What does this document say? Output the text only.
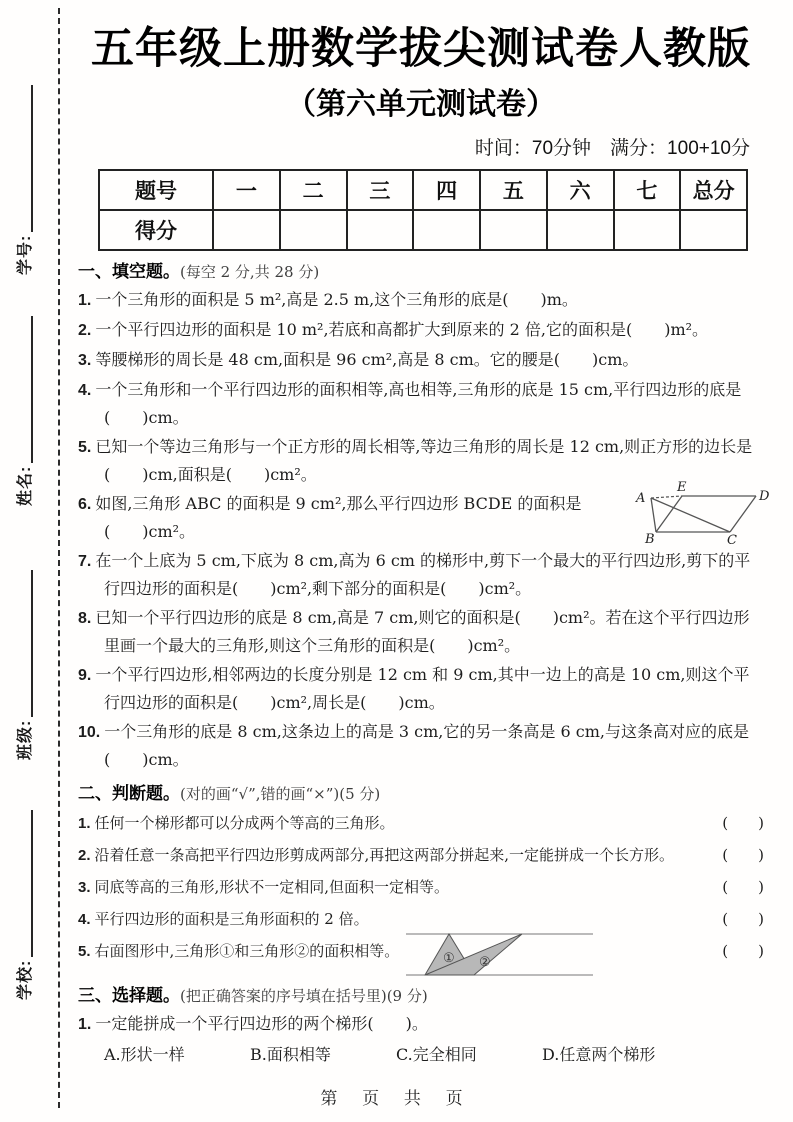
学号:
姓名:
班级:
学校:
五年级上册数学拔尖测试卷人教版
（第六单元测试卷）
时间：70分钟　满分：100+10分
题号	一	二	三	四	五	六	七	总分
得分								
一、填空题。(每空 2 分,共 28 分)
1. 一个三角形的面积是 5 m²,高是 2.5 m,这个三角形的底是(　　)m。
2. 一个平行四边形的面积是 10 m²,若底和高都扩大到原来的 2 倍,它的面积是(　　)m²。
3. 等腰梯形的周长是 48 cm,面积是 96 cm²,高是 8 cm。它的腰是(　　)cm。
4. 一个三角形和一个平行四边形的面积相等,高也相等,三角形的底是 15 cm,平行四边形的底是(　　)cm。
5. 已知一个等边三角形与一个正方形的周长相等,等边三角形的周长是 12 cm,则正方形的边长是(　　)cm,面积是(　　)cm²。
6. 如图,三角形 ABC 的面积是 9 cm²,那么平行四边形 BCDE 的面积是(　　)cm²。
A
E
D
B	C
7. 在一个上底为 5 cm,下底为 8 cm,高为 6 cm 的梯形中,剪下一个最大的平行四边形,剪下的平行四边形的面积是(　　)cm²,剩下部分的面积是(　　)cm²。
8. 已知一个平行四边形的底是 8 cm,高是 7 cm,则它的面积是(　　)cm²。若在这个平行四边形里画一个最大的三角形,则这个三角形的面积是(　　)cm²。
9. 一个平行四边形,相邻两边的长度分别是 12 cm 和 9 cm,其中一边上的高是 10 cm,则这个平行四边形的面积是(　　)cm²,周长是(　　)cm。
10. 一个三角形的底是 8 cm,这条边上的高是 3 cm,它的另一条高是 6 cm,与这条高对应的底是(　　)cm。
二、判断题。(对的画“√”,错的画“×”)(5 分)
1. 任何一个梯形都可以分成两个等高的三角形。	(　　)
2. 沿着任意一条高把平行四边形剪成两部分,再把这两部分拼起来,一定能拼成一个长方形。	(　　)
3. 同底等高的三角形,形状不一定相同,但面积一定相等。	(　　)
4. 平行四边形的面积是三角形面积的 2 倍。	(　　)
5. 右面图形中,三角形①和三角形②的面积相等。	① ②
(　　)
三、选择题。(把正确答案的序号填在括号里)(9 分)
1. 一定能拼成一个平行四边形的两个梯形(　　)。
A.形状一样	B.面积相等	C.完全相同	D.任意两个梯形
第 页 共 页
